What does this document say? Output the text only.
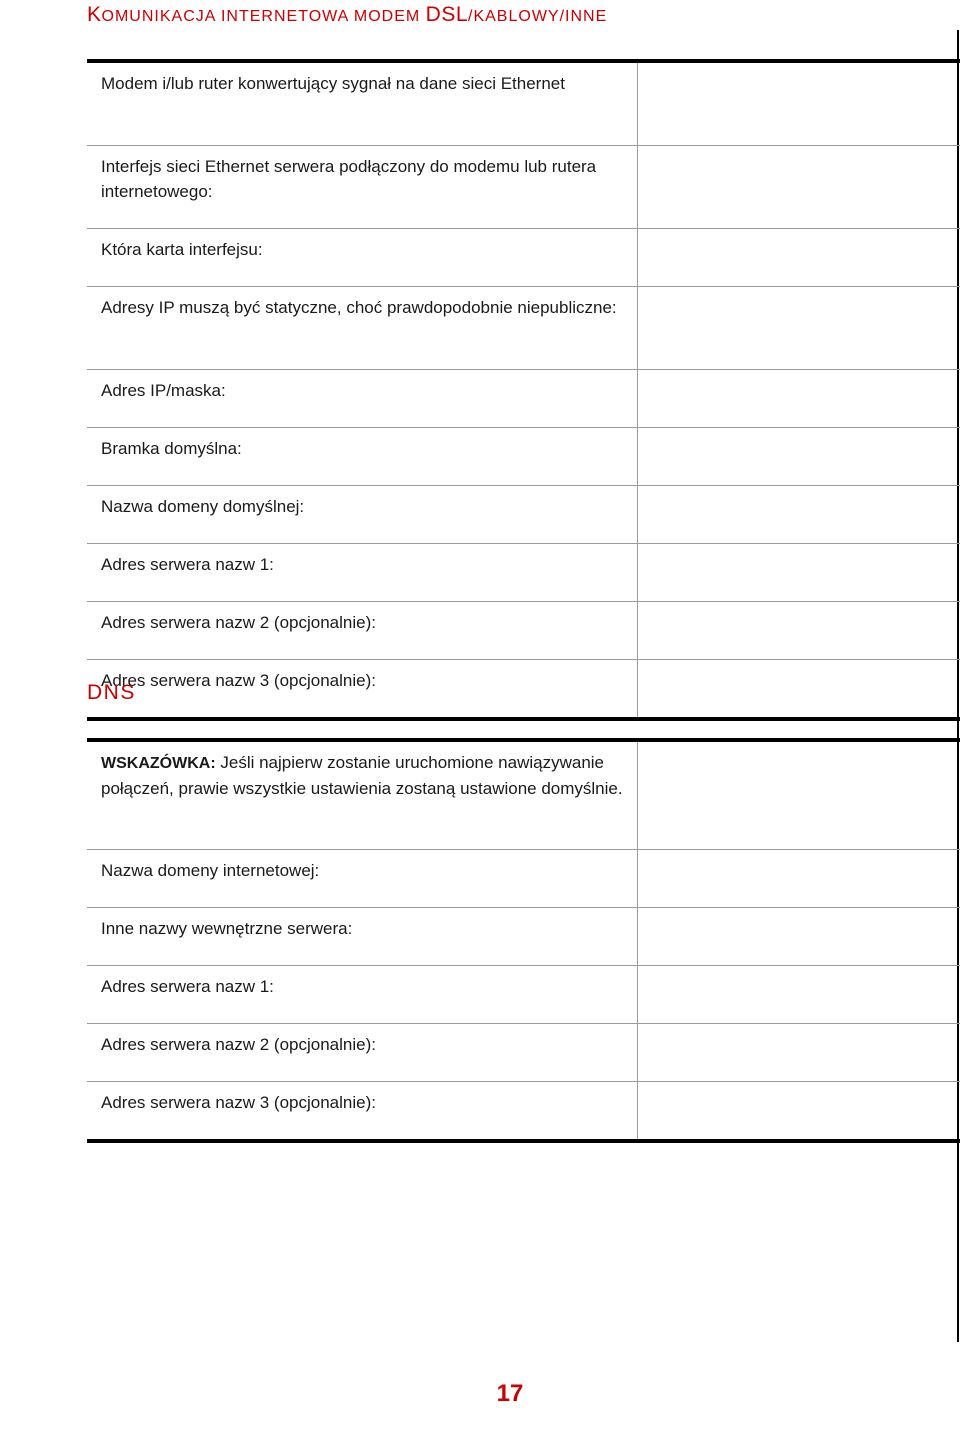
KOMUNIKACJA INTERNETOWA MODEM DSL/KABLOWY/INNE
Modem i/lub ruter konwertujący sygnał na dane sieci Ethernet	
Interfejs sieci Ethernet serwera podłączony do modemu lub rutera internetowego:	
Która karta interfejsu:	
Adresy IP muszą być statyczne, choć prawdopodobnie niepubliczne:	
Adres IP/maska:	
Bramka domyślna:	
Nazwa domeny domyślnej:	
Adres serwera nazw 1:	
Adres serwera nazw 2 (opcjonalnie):	
Adres serwera nazw 3 (opcjonalnie):	
DNS
WSKAZÓWKA: Jeśli najpierw zostanie uruchomione nawiązywanie połączeń, prawie wszystkie ustawienia zostaną ustawione domyślnie.	
Nazwa domeny internetowej:	
Inne nazwy wewnętrzne serwera:	
Adres serwera nazw 1:	
Adres serwera nazw 2 (opcjonalnie):	
Adres serwera nazw 3 (opcjonalnie):	
17
